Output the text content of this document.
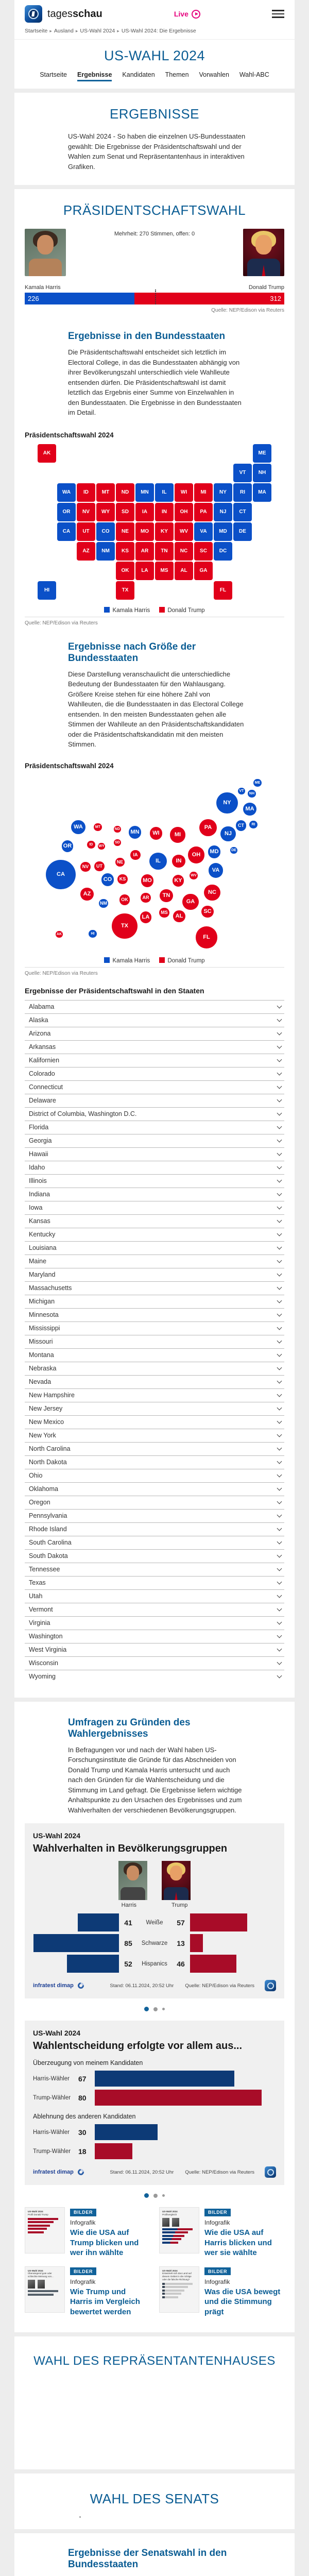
tagesschau	Live
Startseite ▸ Ausland ▸ US-Wahl 2024 ▸ US-Wahl 2024: Die Ergebnisse
US-WAHL 2024
Startseite Ergebnisse Kandidaten Themen Vorwahlen Wahl-ABC
ERGEBNISSE

US-Wahl 2024 - So haben die einzelnen US-Bundesstaaten gewählt: Die Ergebnisse der Präsidentschaftswahl und der Wahlen zum Senat und Repräsentantenhaus in interaktiven Grafiken.

PRÄSIDENTSCHAFTSWAHL
Mehrheit: 270 Stimmen, offen: 0
Kamala Harris	Donald Trump
226	312
Quelle: NEP/Edison via Reuters
Ergebnisse in den Bundesstaaten

Die Präsidentschaftswahl entscheidet sich letztlich im Electoral College, in das die Bundesstaaten abhängig von ihrer Bevölkerungszahl unterschiedlich viele Wahlleute entsenden dürfen. Die Präsidentschaftswahl ist damit letztlich das Ergebnis einer Summe von Einzelwahlen in den Bundesstaaten. Die Ergebnisse in den Bundesstaaten im Detail.

Präsidentschaftswahl 2024
AK	ME
VT	NH
WA	ID	MT	ND	MN	IL	WI	MI	NY	RI	MA
OR	NV	WY	SD	IA	IN	OH	PA	NJ	CT
CA	UT	CO	NE	MO	KY	WV	VA	MD	DE
AZ	NM	KS	AR	TN	NC	SC	DC
OK	LA	MS	AL	GA
HI	TX	FL
Kamala Harris	Donald Trump
Quelle: NEP/Edison via Reuters
Ergebnisse nach Größe der Bundesstaaten

Diese Darstellung veranschaulicht die unterschiedliche Bedeutung der Bundesstaaten für den Wahlausgang. Größere Kreise stehen für eine höhere Zahl von Wahlleuten, die die Bundesstaaten in das Electoral College entsenden. In den meisten Bundesstaaten gehen alle Stimmen der Wahlleute an den Präsidentschaftskandidaten oder die Präsidentschaftskandidatin mit den meisten Stimmen.

Präsidentschaftswahl 2024
ME
VT
NH
NY
MA
RI
CT
PA
NJ
WA	MT
ND	MN	WI	MI
OR	ID	WY
SD
IA	OH	MD	DE
NE	IL	IN
CA
NV	UT
VA
CO	KS	MO	KY
WV
AZ	NC
NM
OK	AR	TN
GA
SC
MS
AL
LA
TX
AK	HI
FL
Kamala Harris	Donald Trump
Quelle: NEP/Edison via Reuters
Ergebnisse der Präsidentschaftswahl in den Staaten
Alabama
Alaska
Arizona
Arkansas
Kalifornien
Colorado
Connecticut
Delaware
District of Columbia, Washington D.C.
Florida
Georgia
Hawaii
Idaho
Illinois
Indiana
Iowa
Kansas
Kentucky
Louisiana
Maine
Maryland
Massachusetts
Michigan
Minnesota
Mississippi
Missouri
Montana
Nebraska
Nevada
New Hampshire
New Jersey
New Mexico
New York
North Carolina
North Dakota
Ohio
Oklahoma
Oregon
Pennsylvania
Rhode Island
South Carolina
South Dakota
Tennessee
Texas
Utah
Vermont
Virginia
Washington
West Virginia
Wisconsin
Wyoming
Umfragen zu Gründen des Wahlergebnisses

In Befragungen vor und nach der Wahl haben US-Forschungsinstitute die Gründe für das Abschneiden von Donald Trump und Kamala Harris untersucht und auch nach den Gründen für die Wahlentscheidung und die Stimmung im Land gefragt. Die Ergebnisse liefern wichtige Anhaltspunkte zu den Ursachen des Ergebnisses und zum Wahlverhalten der verschiedenen Bevölkerungsgruppen.

US-Wahl 2024
Wahlverhalten in Bevölkerungsgruppen
Harris	Trump
41	Weiße	57
85	Schwarze	13
52	Hispanics	46
infratest dimap	Stand: 06.11.2024, 20:52 Uhr Quelle: NEP/Edison via Reuters
US-Wahl 2024
Wahlentscheidung erfolgte vor allem aus...
Überzeugung von meinem Kandidaten
Harris-Wähler	67
Trump-Wähler	80
Ablehnung des anderen Kandidaten
Harris-Wähler	30
Trump-Wähler	18
infratest dimap	Stand: 06.11.2024, 20:52 Uhr Quelle: NEP/Edison via Reuters
US-Wahl 2024
Profil Donald Trump	BILDER
Infografik
Wie die USA auf Trump blicken und wer ihn wählte
US-Wahl 2024
Profilvergleich	BILDER
Infografik
Wie die USA auf Harris blicken und wer sie wählte
US-Wahl 2024
Überwiegend gute oder schlechte Meinung von...
BILDER
Infografik
Wie Trump und Harris im Vergleich bewertet werden
US-Wahl 2024
Entwickelt sich das Land auf diesem Gebiet in die richtige oder die falsche Richtung?
BILDER
Infografik
Was die USA bewegt und die Stimmung prägt
WAHL DES REPRÄSENTANTENHAUSES
WAHL DES SENATS
Ergebnisse der Senatswahl in den Bundesstaaten
